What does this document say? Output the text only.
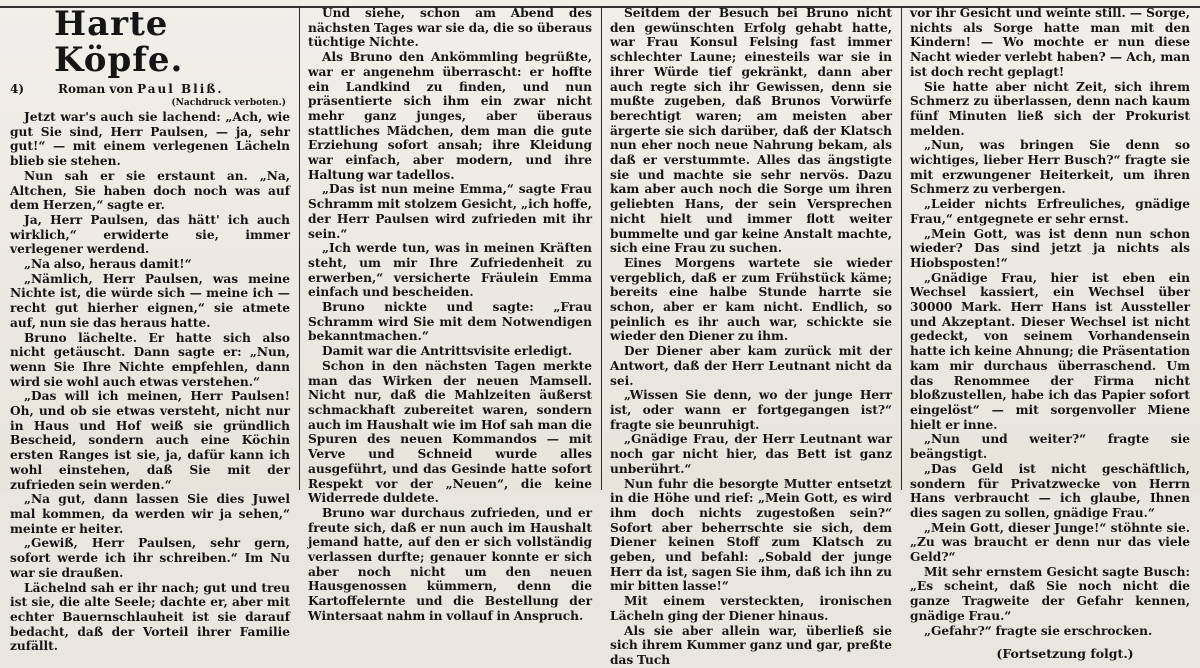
Harte Köpfe.
4)	Roman von Paul Bliß.
(Nachdruck verboten.)

Jetzt war's auch sie lachend: „Ach, wie gut Sie sind, Herr Paulsen, — ja, sehr gut!“ — mit einem verlegenen Lächeln blieb sie stehen.

Nun sah er sie erstaunt an. „Na, Altchen, Sie haben doch noch was auf dem Herzen,“ sagte er.

Ja, Herr Paulsen, das hätt' ich auch wirklich,“ erwiderte sie, immer verlegener werdend.

„Na also, heraus damit!“

„Nämlich, Herr Paulsen, was meine Nichte ist, die würde sich — meine ich — recht gut hierher eignen,“ sie atmete auf, nun sie das heraus hatte.

Bruno lächelte. Er hatte sich also nicht getäuscht. Dann sagte er: „Nun, wenn Sie Ihre Nichte empfehlen, dann wird sie wohl auch etwas verstehen.“

„Das will ich meinen, Herr Paulsen! Oh, und ob sie etwas versteht, nicht nur in Haus und Hof weiß sie gründlich Bescheid, sondern auch eine Köchin ersten Ranges ist sie, ja, dafür kann ich wohl einstehen, daß Sie mit der zufrieden sein werden.“

„Na gut, dann lassen Sie dies Juwel mal kommen, da werden wir ja sehen,“ meinte er heiter.

„Gewiß, Herr Paulsen, sehr gern, sofort werde ich ihr schreiben.“ Im Nu war sie draußen.

Lächelnd sah er ihr nach; gut und treu ist sie, die alte Seele; dachte er, aber mit echter Bauernschlauheit ist sie darauf bedacht, daß der Vorteil ihrer Familie zufällt.

Und siehe, schon am Abend des nächsten Tages war sie da, die so überaus tüchtige Nichte.

Als Bruno den Ankömmling begrüßte, war er angenehm überrascht: er hoffte ein Landkind zu finden, und nun präsentierte sich ihm ein zwar nicht mehr ganz junges, aber überaus stattliches Mädchen, dem man die gute Erziehung sofort ansah; ihre Kleidung war einfach, aber modern, und ihre Haltung war tadellos.

„Das ist nun meine Emma,“ sagte Frau Schramm mit stolzem Gesicht, „ich hoffe, der Herr Paulsen wird zufrieden mit ihr sein.“

„Ich werde tun, was in meinen Kräften steht, um mir Ihre Zufriedenheit zu erwerben,“ versicherte Fräulein Emma einfach und bescheiden.

Bruno nickte und sagte: „Frau Schramm wird Sie mit dem Notwendigen bekanntmachen.“

Damit war die Antrittsvisite erledigt.

Schon in den nächsten Tagen merkte man das Wirken der neuen Mamsell. Nicht nur, daß die Mahlzeiten äußerst schmackhaft zubereitet waren, sondern auch im Haushalt wie im Hof sah man die Spuren des neuen Kommandos — mit Verve und Schneid wurde alles ausgeführt, und das Gesinde hatte sofort Respekt vor der „Neuen“, die keine Widerrede duldete.

Bruno war durchaus zufrieden, und er freute sich, daß er nun auch im Haushalt jemand hatte, auf den er sich vollständig verlassen durfte; genauer konnte er sich aber noch nicht um den neuen Hausgenossen kümmern, denn die Kartoffelernte und die Bestellung der Wintersaat nahm in vollauf in Anspruch.

Seitdem der Besuch bei Bruno nicht den gewünschten Erfolg gehabt hatte, war Frau Konsul Felsing fast immer schlechter Laune; einesteils war sie in ihrer Würde tief gekränkt, dann aber auch regte sich ihr Gewissen, denn sie mußte zugeben, daß Brunos Vorwürfe berechtigt waren; am meisten aber ärgerte sie sich darüber, daß der Klatsch nun eher noch neue Nahrung bekam, als daß er verstummte. Alles das ängstigte sie und machte sie sehr nervös. Dazu kam aber auch noch die Sorge um ihren geliebten Hans, der sein Versprechen nicht hielt und immer flott weiter bummelte und gar keine Anstalt machte, sich eine Frau zu suchen.

Eines Morgens wartete sie wieder vergeblich, daß er zum Frühstück käme; bereits eine halbe Stunde harrte sie schon, aber er kam nicht. Endlich, so peinlich es ihr auch war, schickte sie wieder den Diener zu ihm.

Der Diener aber kam zurück mit der Antwort, daß der Herr Leutnant nicht da sei.

„Wissen Sie denn, wo der junge Herr ist, oder wann er fortgegangen ist?“ fragte sie beunruhigt.

„Gnädige Frau, der Herr Leutnant war noch gar nicht hier, das Bett ist ganz unberührt.“

Nun fuhr die besorgte Mutter entsetzt in die Höhe und rief: „Mein Gott, es wird ihm doch nichts zugestoßen sein?“ Sofort aber beherrschte sie sich, dem Diener keinen Stoff zum Klatsch zu geben, und befahl: „Sobald der junge Herr da ist, sagen Sie ihm, daß ich ihn zu mir bitten lasse!“

Mit einem versteckten, ironischen Lächeln ging der Diener hinaus.

Als sie aber allein war, überließ sie sich ihrem Kummer ganz und gar, preßte das Tuch

vor ihr Gesicht und weinte still. — Sorge, nichts als Sorge hatte man mit den Kindern! — Wo mochte er nun diese Nacht wieder verlebt haben? — Ach, man ist doch recht geplagt!

Sie hatte aber nicht Zeit, sich ihrem Schmerz zu überlassen, denn nach kaum fünf Minuten ließ sich der Prokurist melden.

„Nun, was bringen Sie denn so wichtiges, lieber Herr Busch?“ fragte sie mit erzwungener Heiterkeit, um ihren Schmerz zu verbergen.

„Leider nichts Erfreuliches, gnädige Frau,“ entgegnete er sehr ernst.

„Mein Gott, was ist denn nun schon wieder? Das sind jetzt ja nichts als Hiobsposten!“

„Gnädige Frau, hier ist eben ein Wechsel kassiert, ein Wechsel über 30000 Mark. Herr Hans ist Aussteller und Akzeptant. Dieser Wechsel ist nicht gedeckt, von seinem Vorhandensein hatte ich keine Ahnung; die Präsentation kam mir durchaus überraschend. Um das Renommee der Firma nicht bloßzustellen, habe ich das Papier sofort eingelöst“ — mit sorgenvoller Miene hielt er inne.

„Nun und weiter?“ fragte sie beängstigt.

„Das Geld ist nicht geschäftlich, sondern für Privatzwecke von Herrn Hans verbraucht — ich glaube, Ihnen dies sagen zu sollen, gnädige Frau.“

„Mein Gott, dieser Junge!“ stöhnte sie. „Zu was braucht er denn nur das viele Geld?“

Mit sehr ernstem Gesicht sagte Busch: „Es scheint, daß Sie noch nicht die ganze Tragweite der Gefahr kennen, gnädige Frau.“

„Gefahr?“ fragte sie erschrocken.

(Fortsetzung folgt.)
